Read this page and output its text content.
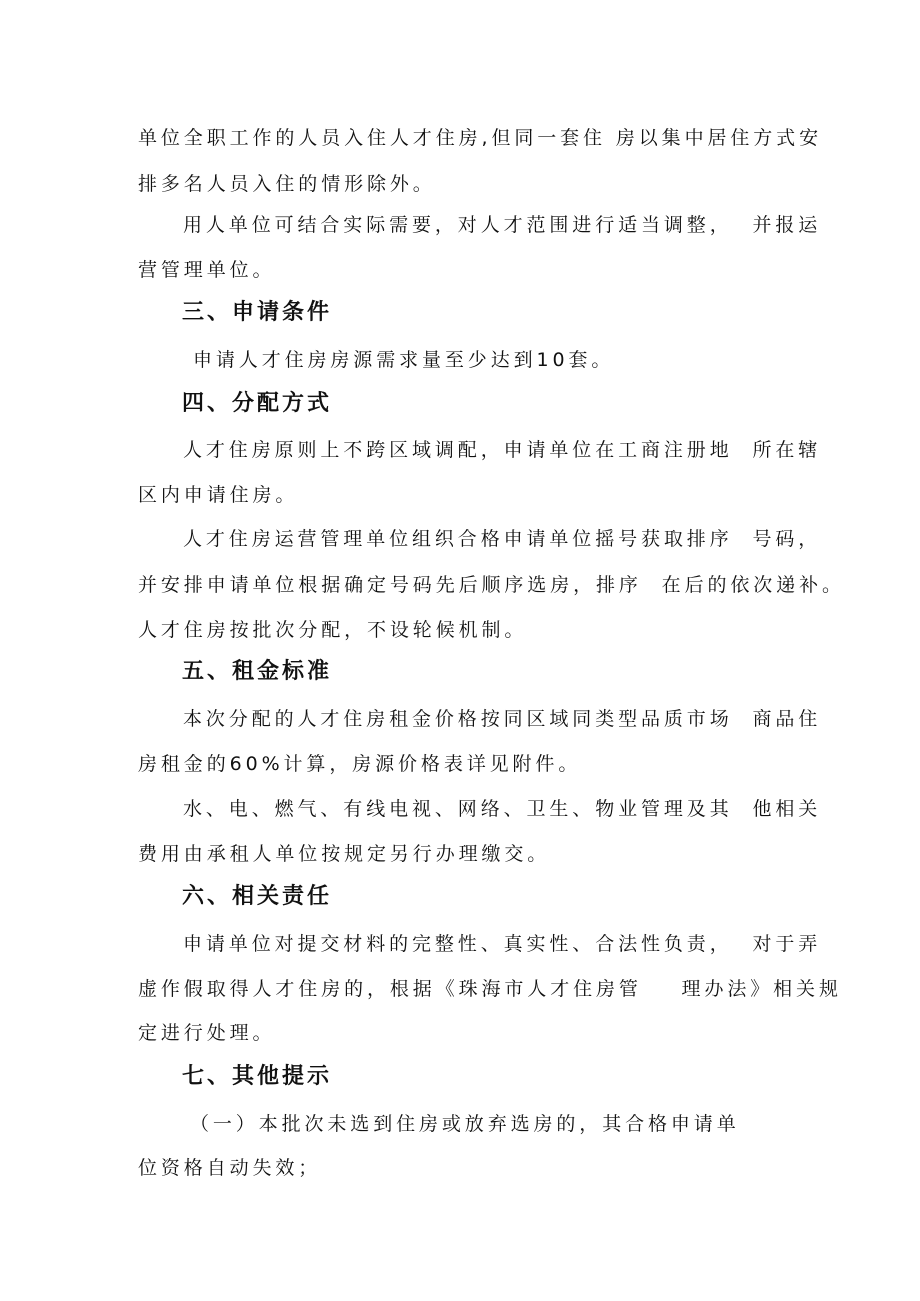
单位全职工作的人员入住人才住房,但同一套住 房以集中居住方式安
排多名人员入住的情形除外。
用人单位可结合实际需要，对人才范围进行适当调整，  并报运
营管理单位。
三、申请条件
申请人才住房房源需求量至少达到10套。
四、分配方式
人才住房原则上不跨区域调配，申请单位在工商注册地  所在辖
区内申请住房。
人才住房运营管理单位组织合格申请单位摇号获取排序  号码，
并安排申请单位根据确定号码先后顺序选房，排序  在后的依次递补。
人才住房按批次分配，不设轮候机制。
五、租金标准
本次分配的人才住房租金价格按同区域同类型品质市场  商品住
房租金的60%计算，房源价格表详见附件。
水、电、燃气、有线电视、网络、卫生、物业管理及其  他相关
费用由承租人单位按规定另行办理缴交。
六、相关责任
申请单位对提交材料的完整性、真实性、合法性负责，  对于弄
虚作假取得人才住房的，根据《珠海市人才住房管    理办法》相关规
定进行处理。
七、其他提示
（一）本批次未选到住房或放弃选房的，其合格申请单
位资格自动失效；
